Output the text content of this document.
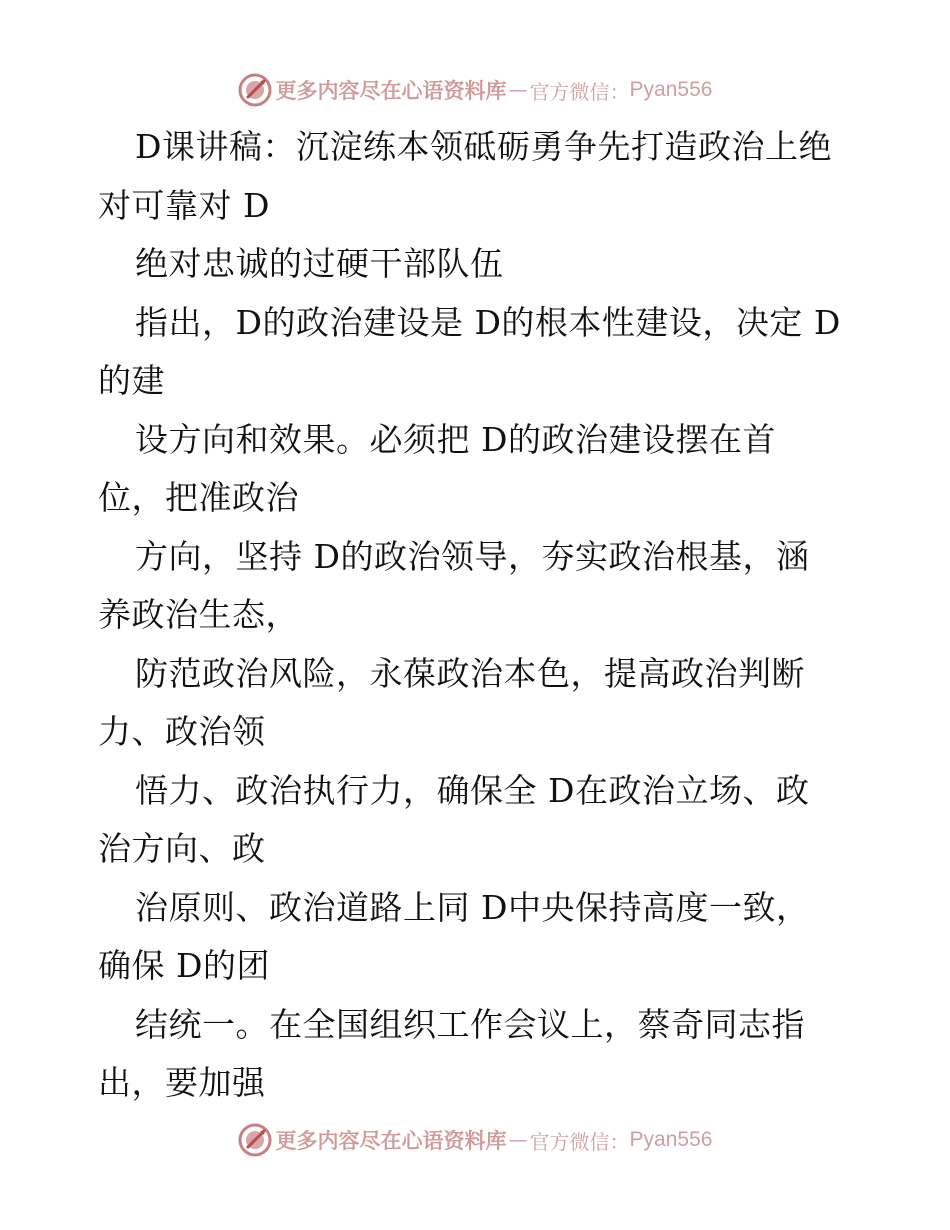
更多内容尽在心语资料库 — 官方微信： Pyan556

D课讲稿：沉淀练本领砥砺勇争先打造政治上绝
对可靠对 D

绝对忠诚的过硬干部队伍

指出，D的政治建设是 D的根本性建设，决定 D
的建

设方向和效果。必须把 D的政治建设摆在首
位，把准政治

方向，坚持 D的政治领导，夯实政治根基，涵
养政治生态，

防范政治风险，永葆政治本色，提高政治判断
力、政治领

悟力、政治执行力，确保全 D在政治立场、政
治方向、政

治原则、政治道路上同 D中央保持高度一致，
确保 D的团

结统一。在全国组织工作会议上，蔡奇同志指
出，要加强

更多内容尽在心语资料库 — 官方微信： Pyan556
